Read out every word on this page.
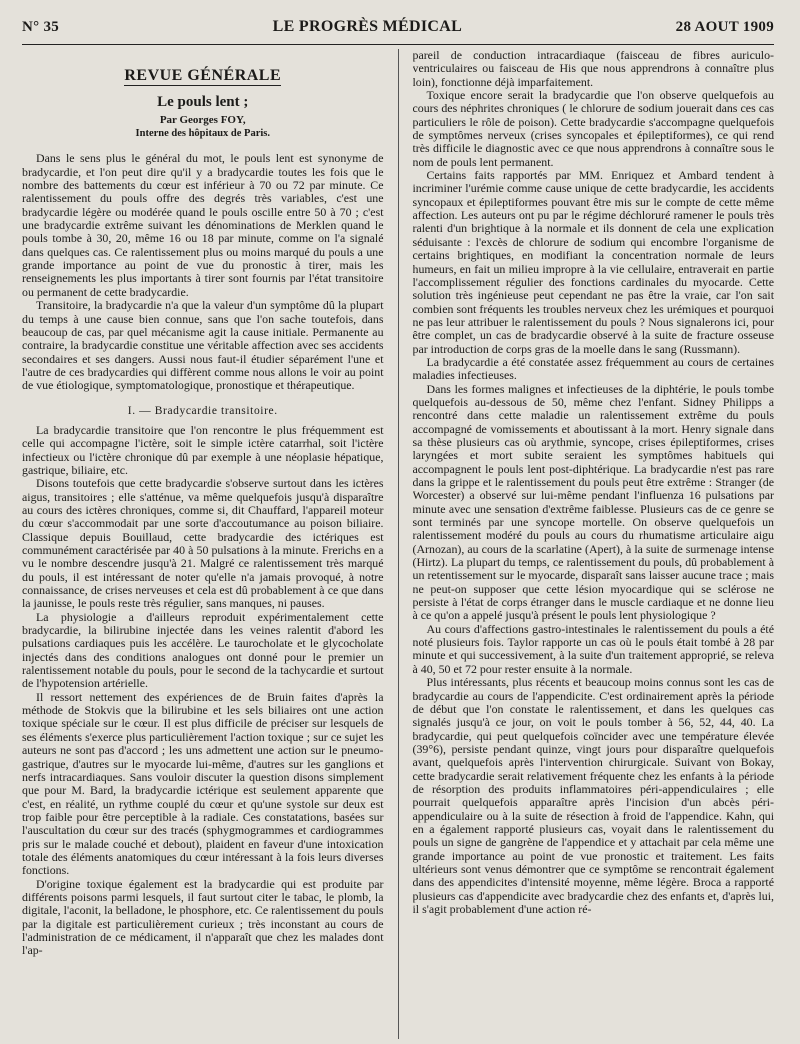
N° 35	LE PROGRÈS MÉDICAL	28 AOUT 1909
REVUE GÉNÉRALE
Le pouls lent ;
Par Georges FOY,
Interne des hôpitaux de Paris.

Dans le sens plus le général du mot, le pouls lent est synonyme de bradycardie, et l'on peut dire qu'il y a bradycardie toutes les fois que le nombre des battements du cœur est inférieur à 70 ou 72 par minute. Ce ralentissement du pouls offre des degrés très variables, c'est une bradycardie légère ou modérée quand le pouls oscille entre 50 à 70 ; c'est une bradycardie extrême suivant les dénominations de Merklen quand le pouls tombe à 30, 20, même 16 ou 18 par minute, comme on l'a signalé dans quelques cas. Ce ralentissement plus ou moins marqué du pouls a une grande importance au point de vue du pronostic à tirer, mais les renseignements les plus importants à tirer sont fournis par l'état transitoire ou permanent de cette bradycardie.

Transitoire, la bradycardie n'a que la valeur d'un symptôme dû la plupart du temps à une cause bien connue, sans que l'on sache toutefois, dans beaucoup de cas, par quel mécanisme agit la cause initiale. Permanente au contraire, la bradycardie constitue une véritable affection avec ses accidents secondaires et ses dangers. Aussi nous faut-il étudier séparément l'une et l'autre de ces bradycardies qui diffèrent comme nous allons le voir au point de vue étiologique, symptomatologique, pronostique et thérapeutique.

I. — Bradycardie transitoire.

La bradycardie transitoire que l'on rencontre le plus fréquemment est celle qui accompagne l'ictère, soit le simple ictère catarrhal, soit l'ictère infectieux ou l'ictère chronique dû par exemple à une néoplasie hépatique, gastrique, biliaire, etc.

Disons toutefois que cette bradycardie s'observe surtout dans les ictères aigus, transitoires ; elle s'atténue, va même quelquefois jusqu'à disparaître au cours des ictères chroniques, comme si, dit Chauffard, l'appareil moteur du cœur s'accommodait par une sorte d'accoutumance au poison biliaire. Classique depuis Bouillaud, cette bradycardie des ictériques est communément caractérisée par 40 à 50 pulsations à la minute. Frerichs en a vu le nombre descendre jusqu'à 21. Malgré ce ralentissement très marqué du pouls, il est intéressant de noter qu'elle n'a jamais provoqué, à notre connaissance, de crises nerveuses et cela est dû probablement à ce que dans la jaunisse, le pouls reste très régulier, sans manques, ni pauses.

La physiologie a d'ailleurs reproduit expérimentalement cette bradycardie, la bilirubine injectée dans les veines ralentit d'abord les pulsations cardiaques puis les accélère. Le taurocholate et le glycocholate injectés dans des conditions analogues ont donné pour le premier un ralentissement notable du pouls, pour le second de la tachycardie et surtout de l'hypotension artérielle.

Il ressort nettement des expériences de de Bruin faites d'après la méthode de Stokvis que la bilirubine et les sels biliaires ont une action toxique spéciale sur le cœur. Il est plus difficile de préciser sur lesquels de ses éléments s'exerce plus particulièrement l'action toxique ; sur ce sujet les auteurs ne sont pas d'accord ; les uns admettent une action sur le pneumo-gastrique, d'autres sur le myocarde lui-même, d'autres sur les ganglions et nerfs intracardiaques. Sans vouloir discuter la question disons simplement que pour M. Bard, la bradycardie ictérique est seulement apparente que c'est, en réalité, un rythme couplé du cœur et qu'une systole sur deux est trop faible pour être perceptible à la radiale. Ces constatations, basées sur l'auscultation du cœur sur des tracés (sphygmogrammes et cardiogrammes pris sur le malade couché et debout), plaident en faveur d'une intoxication totale des éléments anatomiques du cœur intéressant à la fois leurs diverses fonctions.

D'origine toxique également est la bradycardie qui est produite par différents poisons parmi lesquels, il faut surtout citer le tabac, le plomb, la digitale, l'aconit, la belladone, le phosphore, etc. Ce ralentissement du pouls par la digitale est particulièrement curieux ; très inconstant au cours de l'administration de ce médicament, il n'apparaît que chez les malades dont l'ap-

pareil de conduction intracardiaque (faisceau de fibres auriculo-ventriculaires ou faisceau de His que nous apprendrons à connaître plus loin), fonctionne déjà imparfaitement.

Toxique encore serait la bradycardie que l'on observe quelquefois au cours des néphrites chroniques ( le chlorure de sodium jouerait dans ces cas particuliers le rôle de poison). Cette bradycardie s'accompagne quelquefois de symptômes nerveux (crises syncopales et épileptiformes), ce qui rend très difficile le diagnostic avec ce que nous apprendrons à connaître sous le nom de pouls lent permanent.

Certains faits rapportés par MM. Enriquez et Ambard tendent à incriminer l'urémie comme cause unique de cette bradycardie, les accidents syncopaux et épileptiformes pouvant être mis sur le compte de cette même affection. Les auteurs ont pu par le régime déchloruré ramener le pouls très ralenti d'un brightique à la normale et ils donnent de cela une explication séduisante : l'excès de chlorure de sodium qui encombre l'organisme de certains brightiques, en modifiant la concentration normale de leurs humeurs, en fait un milieu impropre à la vie cellulaire, entraverait en partie l'accomplissement régulier des fonctions cardinales du myocarde. Cette solution très ingénieuse peut cependant ne pas être la vraie, car l'on sait combien sont fréquents les troubles nerveux chez les urémiques et pourquoi ne pas leur attribuer le ralentissement du pouls ? Nous signalerons ici, pour être complet, un cas de bradycardie observé à la suite de fracture osseuse par introduction de corps gras de la moelle dans le sang (Russmann).

La bradycardie a été constatée assez fréquemment au cours de certaines maladies infectieuses.

Dans les formes malignes et infectieuses de la diphtérie, le pouls tombe quelquefois au-dessous de 50, même chez l'enfant. Sidney Philipps a rencontré dans cette maladie un ralentissement extrême du pouls accompagné de vomissements et aboutissant à la mort. Henry signale dans sa thèse plusieurs cas où arythmie, syncope, crises épileptiformes, crises laryngées et mort subite seraient les symptômes habituels qui accompagnent le pouls lent post-diphtérique. La bradycardie n'est pas rare dans la grippe et le ralentissement du pouls peut être extrême : Stranger (de Worcester) a observé sur lui-même pendant l'influenza 16 pulsations par minute avec une sensation d'extrême faiblesse. Plusieurs cas de ce genre se sont terminés par une syncope mortelle. On observe quelquefois un ralentissement modéré du pouls au cours du rhumatisme articulaire aigu (Arnozan), au cours de la scarlatine (Apert), à la suite de surmenage intense (Hirtz). La plupart du temps, ce ralentissement du pouls, dû probablement à un retentissement sur le myocarde, disparaît sans laisser aucune trace ; mais ne peut-on supposer que cette lésion myocardique qui se sclérose ne persiste à l'état de corps étranger dans le muscle cardiaque et ne donne lieu à ce qu'on a appelé jusqu'à présent le pouls lent physiologique ?

Au cours d'affections gastro-intestinales le ralentissement du pouls a été noté plusieurs fois. Taylor rapporte un cas où le pouls était tombé à 28 par minute et qui successivement, à la suite d'un traitement approprié, se releva à 40, 50 et 72 pour rester ensuite à la normale.

Plus intéressants, plus récents et beaucoup moins connus sont les cas de bradycardie au cours de l'appendicite. C'est ordinairement après la période de début que l'on constate le ralentissement, et dans les quelques cas signalés jusqu'à ce jour, on voit le pouls tomber à 56, 52, 44, 40. La bradycardie, qui peut quelquefois coïncider avec une température élevée (39°6), persiste pendant quinze, vingt jours pour disparaître quelquefois avant, quelquefois après l'intervention chirurgicale. Suivant von Bokay, cette bradycardie serait relativement fréquente chez les enfants à la période de résorption des produits inflammatoires péri-appendiculaires ; elle pourrait quelquefois apparaître après l'incision d'un abcès péri-appendiculaire ou à la suite de résection à froid de l'appendice. Kahn, qui en a également rapporté plusieurs cas, voyait dans le ralentissement du pouls un signe de gangrène de l'appendice et y attachait par cela même une grande importance au point de vue pronostic et traitement. Les faits ultérieurs sont venus démontrer que ce symptôme se rencontrait également dans des appendicites d'intensité moyenne, même légère. Broca a rapporté plusieurs cas d'appendicite avec bradycardie chez des enfants et, d'après lui, il s'agit probablement d'une action ré-
